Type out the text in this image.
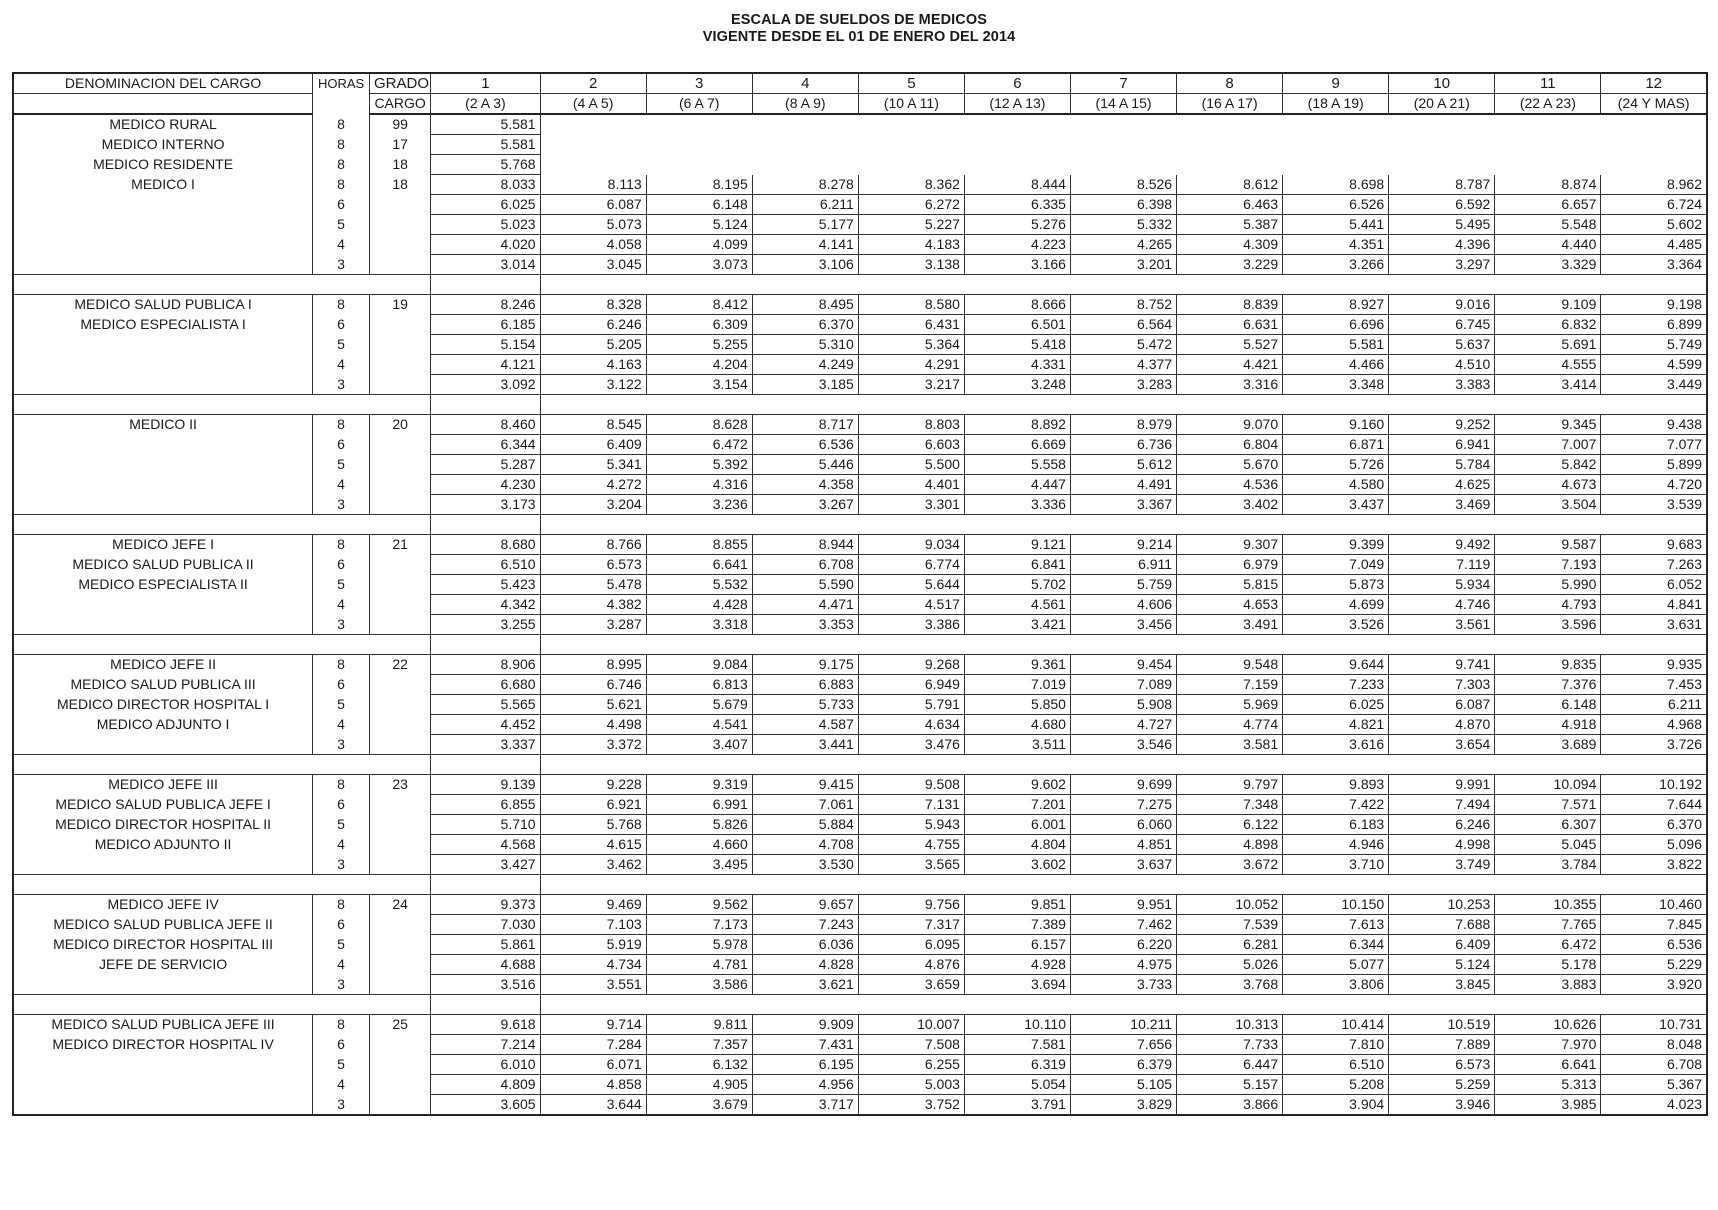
ESCALA DE SUELDOS DE MEDICOS
VIGENTE DESDE EL 01 DE ENERO DEL 2014
DENOMINACION DEL CARGO	HORAS	GRADO	1	2	3	4	5	6	7	8	9	10	11	12
		CARGO	(2 A 3)	(4 A 5)	(6 A 7)	(8 A 9)	(10 A 11)	(12 A 13)	(14 A 15)	(16 A 17)	(18 A 19)	(20 A 21)	(22 A 23)	(24 Y MAS)
MEDICO RURAL	8	99	5.581											
MEDICO INTERNO	8	17	5.581											
MEDICO RESIDENTE	8	18	5.768											
MEDICO I	8	18	8.033	8.113	8.195	8.278	8.362	8.444	8.526	8.612	8.698	8.787	8.874	8.962
	6		6.025	6.087	6.148	6.211	6.272	6.335	6.398	6.463	6.526	6.592	6.657	6.724
	5		5.023	5.073	5.124	5.177	5.227	5.276	5.332	5.387	5.441	5.495	5.548	5.602
	4		4.020	4.058	4.099	4.141	4.183	4.223	4.265	4.309	4.351	4.396	4.440	4.485
	3		3.014	3.045	3.073	3.106	3.138	3.166	3.201	3.229	3.266	3.297	3.329	3.364

MEDICO SALUD PUBLICA I	8	19	8.246	8.328	8.412	8.495	8.580	8.666	8.752	8.839	8.927	9.016	9.109	9.198
MEDICO ESPECIALISTA I	6		6.185	6.246	6.309	6.370	6.431	6.501	6.564	6.631	6.696	6.745	6.832	6.899
	5		5.154	5.205	5.255	5.310	5.364	5.418	5.472	5.527	5.581	5.637	5.691	5.749
	4		4.121	4.163	4.204	4.249	4.291	4.331	4.377	4.421	4.466	4.510	4.555	4.599
	3		3.092	3.122	3.154	3.185	3.217	3.248	3.283	3.316	3.348	3.383	3.414	3.449

MEDICO II	8	20	8.460	8.545	8.628	8.717	8.803	8.892	8.979	9.070	9.160	9.252	9.345	9.438
	6		6.344	6.409	6.472	6.536	6.603	6.669	6.736	6.804	6.871	6.941	7.007	7.077
	5		5.287	5.341	5.392	5.446	5.500	5.558	5.612	5.670	5.726	5.784	5.842	5.899
	4		4.230	4.272	4.316	4.358	4.401	4.447	4.491	4.536	4.580	4.625	4.673	4.720
	3		3.173	3.204	3.236	3.267	3.301	3.336	3.367	3.402	3.437	3.469	3.504	3.539

MEDICO JEFE I	8	21	8.680	8.766	8.855	8.944	9.034	9.121	9.214	9.307	9.399	9.492	9.587	9.683
MEDICO SALUD PUBLICA II	6		6.510	6.573	6.641	6.708	6.774	6.841	6.911	6.979	7.049	7.119	7.193	7.263
MEDICO ESPECIALISTA II	5		5.423	5.478	5.532	5.590	5.644	5.702	5.759	5.815	5.873	5.934	5.990	6.052
	4		4.342	4.382	4.428	4.471	4.517	4.561	4.606	4.653	4.699	4.746	4.793	4.841
	3		3.255	3.287	3.318	3.353	3.386	3.421	3.456	3.491	3.526	3.561	3.596	3.631

MEDICO JEFE II	8	22	8.906	8.995	9.084	9.175	9.268	9.361	9.454	9.548	9.644	9.741	9.835	9.935
MEDICO SALUD PUBLICA III	6		6.680	6.746	6.813	6.883	6.949	7.019	7.089	7.159	7.233	7.303	7.376	7.453
MEDICO DIRECTOR HOSPITAL I	5		5.565	5.621	5.679	5.733	5.791	5.850	5.908	5.969	6.025	6.087	6.148	6.211
MEDICO ADJUNTO I	4		4.452	4.498	4.541	4.587	4.634	4.680	4.727	4.774	4.821	4.870	4.918	4.968
	3		3.337	3.372	3.407	3.441	3.476	3.511	3.546	3.581	3.616	3.654	3.689	3.726

MEDICO JEFE III	8	23	9.139	9.228	9.319	9.415	9.508	9.602	9.699	9.797	9.893	9.991	10.094	10.192
MEDICO SALUD PUBLICA JEFE I	6		6.855	6.921	6.991	7.061	7.131	7.201	7.275	7.348	7.422	7.494	7.571	7.644
MEDICO DIRECTOR HOSPITAL II	5		5.710	5.768	5.826	5.884	5.943	6.001	6.060	6.122	6.183	6.246	6.307	6.370
MEDICO ADJUNTO II	4		4.568	4.615	4.660	4.708	4.755	4.804	4.851	4.898	4.946	4.998	5.045	5.096
	3		3.427	3.462	3.495	3.530	3.565	3.602	3.637	3.672	3.710	3.749	3.784	3.822

MEDICO JEFE IV	8	24	9.373	9.469	9.562	9.657	9.756	9.851	9.951	10.052	10.150	10.253	10.355	10.460
MEDICO SALUD PUBLICA JEFE II	6		7.030	7.103	7.173	7.243	7.317	7.389	7.462	7.539	7.613	7.688	7.765	7.845
MEDICO DIRECTOR HOSPITAL III	5		5.861	5.919	5.978	6.036	6.095	6.157	6.220	6.281	6.344	6.409	6.472	6.536
JEFE DE SERVICIO	4		4.688	4.734	4.781	4.828	4.876	4.928	4.975	5.026	5.077	5.124	5.178	5.229
	3		3.516	3.551	3.586	3.621	3.659	3.694	3.733	3.768	3.806	3.845	3.883	3.920

MEDICO SALUD PUBLICA JEFE III	8	25	9.618	9.714	9.811	9.909	10.007	10.110	10.211	10.313	10.414	10.519	10.626	10.731
MEDICO DIRECTOR HOSPITAL IV	6		7.214	7.284	7.357	7.431	7.508	7.581	7.656	7.733	7.810	7.889	7.970	8.048
	5		6.010	6.071	6.132	6.195	6.255	6.319	6.379	6.447	6.510	6.573	6.641	6.708
	4		4.809	4.858	4.905	4.956	5.003	5.054	5.105	5.157	5.208	5.259	5.313	5.367
	3		3.605	3.644	3.679	3.717	3.752	3.791	3.829	3.866	3.904	3.946	3.985	4.023
